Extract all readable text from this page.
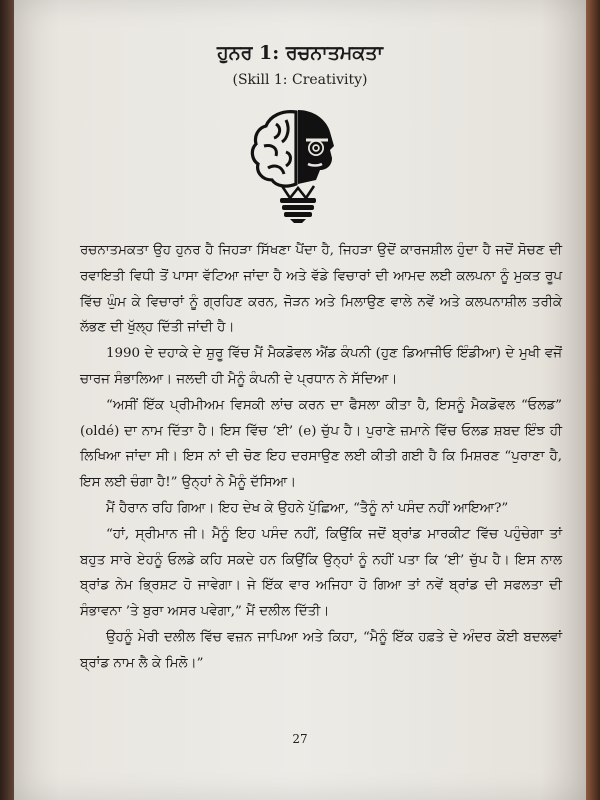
ਹੁਨਰ 1: ਰਚਨਾਤਮਕਤਾ
(Skill 1: Creativity)

ਰਚਨਾਤਮਕਤਾ ਉਹ ਹੁਨਰ ਹੈ ਜਿਹੜਾ ਸਿੱਖਣਾ ਪੈਂਦਾ ਹੈ, ਜਿਹੜਾ ਉਦੋਂ ਕਾਰਜਸ਼ੀਲ ਹੁੰਦਾ ਹੈ ਜਦੋਂ ਸੋਚਣ ਦੀ ਰਵਾਇਤੀ ਵਿਧੀ ਤੋਂ ਪਾਸਾ ਵੱਟਿਆ ਜਾਂਦਾ ਹੈ ਅਤੇ ਵੱਡੇ ਵਿਚਾਰਾਂ ਦੀ ਆਮਦ ਲਈ ਕਲਪਨਾ ਨੂੰ ਮੁਕਤ ਰੂਪ ਵਿੱਚ ਘੁੰਮ ਕੇ ਵਿਚਾਰਾਂ ਨੂੰ ਗ੍ਰਹਿਣ ਕਰਨ, ਜੋੜਨ ਅਤੇ ਮਿਲਾਉਣ ਵਾਲੇ ਨਵੇਂ ਅਤੇ ਕਲਪਨਾਸ਼ੀਲ ਤਰੀਕੇ ਲੱਭਣ ਦੀ ਖੁੱਲ੍ਹ ਦਿੱਤੀ ਜਾਂਦੀ ਹੈ।

1990 ਦੇ ਦਹਾਕੇ ਦੇ ਸ਼ੁਰੂ ਵਿੱਚ ਮੈਂ ਮੈਕਡੋਵਲ ਐਂਡ ਕੰਪਨੀ (ਹੁਣ ਡਿਆਜੀਓ ਇੰਡੀਆ) ਦੇ ਮੁਖੀ ਵਜੋਂ ਚਾਰਜ ਸੰਭਾਲਿਆ। ਜਲਦੀ ਹੀ ਮੈਨੂੰ ਕੰਪਨੀ ਦੇ ਪ੍ਰਧਾਨ ਨੇ ਸੱਦਿਆ।

“ਅਸੀਂ ਇੱਕ ਪ੍ਰੀਮੀਅਮ ਵਿਸਕੀ ਲਾਂਚ ਕਰਨ ਦਾ ਫੈਸਲਾ ਕੀਤਾ ਹੈ, ਇਸਨੂੰ ਮੈਕਡੋਵਲ “ਓਲਡ” (oldé) ਦਾ ਨਾਮ ਦਿੱਤਾ ਹੈ। ਇਸ ਵਿੱਚ ‘ਈ’ (e) ਚੁੱਪ ਹੈ। ਪੁਰਾਣੇ ਜ਼ਮਾਨੇ ਵਿੱਚ ਓਲਡ ਸ਼ਬਦ ਇੰਝ ਹੀ ਲਿਖਿਆ ਜਾਂਦਾ ਸੀ। ਇਸ ਨਾਂ ਦੀ ਚੋਣ ਇਹ ਦਰਸਾਉਣ ਲਈ ਕੀਤੀ ਗਈ ਹੈ ਕਿ ਮਿਸ਼ਰਣ “ਪੁਰਾਣਾ ਹੈ, ਇਸ ਲਈ ਚੰਗਾ ਹੈ!” ਉਨ੍ਹਾਂ ਨੇ ਮੈਨੂੰ ਦੱਸਿਆ।

ਮੈਂ ਹੈਰਾਨ ਰਹਿ ਗਿਆ। ਇਹ ਦੇਖ ਕੇ ਉਹਨੇ ਪੁੱਛਿਆ, “ਤੈਨੂੰ ਨਾਂ ਪਸੰਦ ਨਹੀਂ ਆਇਆ?”

“ਹਾਂ, ਸ੍ਰੀਮਾਨ ਜੀ। ਮੈਨੂੰ ਇਹ ਪਸੰਦ ਨਹੀਂ, ਕਿਉਂਕਿ ਜਦੋਂ ਬ੍ਰਾਂਡ ਮਾਰਕੀਟ ਵਿੱਚ ਪਹੁੰਚੇਗਾ ਤਾਂ ਬਹੁਤ ਸਾਰੇ ਏਹਨੂੰ ਓਲਡੇ ਕਹਿ ਸਕਦੇ ਹਨ ਕਿਉਂਕਿ ਉਨ੍ਹਾਂ ਨੂੰ ਨਹੀਂ ਪਤਾ ਕਿ ‘ਈ’ ਚੁੱਪ ਹੈ। ਇਸ ਨਾਲ ਬ੍ਰਾਂਡ ਨੇਮ ਭ੍ਰਿਸ਼ਟ ਹੋ ਜਾਵੇਗਾ। ਜੇ ਇੱਕ ਵਾਰ ਅਜਿਹਾ ਹੋ ਗਿਆ ਤਾਂ ਨਵੇਂ ਬ੍ਰਾਂਡ ਦੀ ਸਫਲਤਾ ਦੀ ਸੰਭਾਵਨਾ ’ਤੇ ਬੁਰਾ ਅਸਰ ਪਵੇਗਾ,” ਮੈਂ ਦਲੀਲ ਦਿੱਤੀ।

ਉਹਨੂੰ ਮੇਰੀ ਦਲੀਲ ਵਿੱਚ ਵਜ਼ਨ ਜਾਪਿਆ ਅਤੇ ਕਿਹਾ, “ਮੈਨੂੰ ਇੱਕ ਹਫ਼ਤੇ ਦੇ ਅੰਦਰ ਕੋਈ ਬਦਲਵਾਂ ਬ੍ਰਾਂਡ ਨਾਮ ਲੈ ਕੇ ਮਿਲੋ।”

27
